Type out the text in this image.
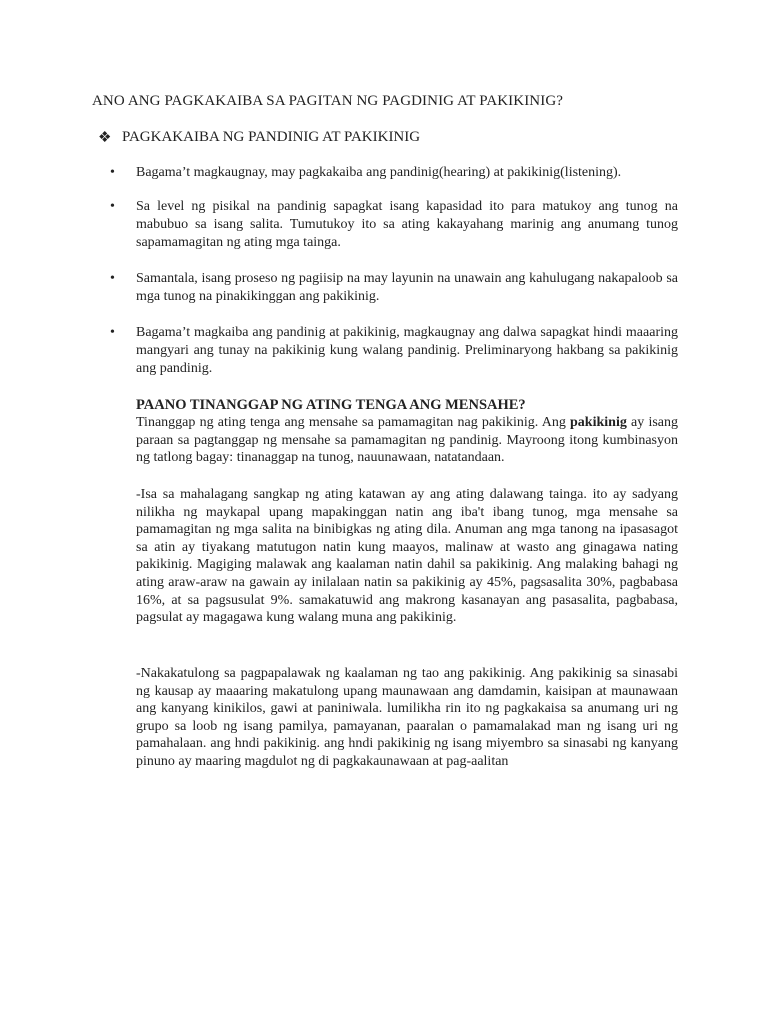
ANO ANG PAGKAKAIBA SA PAGITAN NG PAGDINIG AT PAKIKINIG?
❖ PAGKAKAIBA NG PANDINIG AT PAKIKINIG
•	Bagama’t magkaugnay, may pagkakaiba ang pandinig(hearing) at pakikinig(listening).
•	Sa level ng pisikal na pandinig sapagkat isang kapasidad ito para matukoy ang tunog na mabubuo sa isang salita. Tumutukoy ito sa ating kakayahang marinig ang anumang tunog sapamamagitan ng ating mga tainga.
•	Samantala, isang proseso ng pagiisip na may layunin na unawain ang kahulugang nakapaloob sa mga tunog na pinakikinggan ang pakikinig.
•	Bagama’t magkaiba ang pandinig at pakikinig, magkaugnay ang dalwa sapagkat hindi maaaring mangyari ang tunay na pakikinig kung walang pandinig. Preliminaryong hakbang sa pakikinig ang pandinig.
PAANO TINANGGAP NG ATING TENGA ANG MENSAHE?
Tinanggap ng ating tenga ang mensahe sa pamamagitan nag pakikinig. Ang pakikinig ay isang paraan sa pagtanggap ng mensahe sa pamamagitan ng pandinig. Mayroong itong kumbinasyon ng tatlong bagay: tinanaggap na tunog, nauunawaan, natatandaan.
-Isa sa mahalagang sangkap ng ating katawan ay ang ating dalawang tainga. ito ay sadyang nilikha ng maykapal upang mapakinggan natin ang iba't ibang tunog, mga mensahe sa pamamagitan ng mga salita na binibigkas ng ating dila. Anuman ang mga tanong na ipasasagot sa atin ay tiyakang matutugon natin kung maayos, malinaw at wasto ang ginagawa nating pakikinig. Magiging malawak ang kaalaman natin dahil sa pakikinig. Ang malaking bahagi ng ating araw-araw na gawain ay inilalaan natin sa pakikinig ay 45%, pagsasalita 30%, pagbabasa 16%, at sa pagsusulat 9%. samakatuwid ang makrong kasanayan ang pasasalita, pagbabasa, pagsulat ay magagawa kung walang muna ang pakikinig.
-Nakakatulong sa pagpapalawak ng kaalaman ng tao ang pakikinig. Ang pakikinig sa sinasabi ng kausap ay maaaring makatulong upang maunawaan ang damdamin, kaisipan at maunawaan ang kanyang kinikilos, gawi at paniniwala. lumilikha rin ito ng pagkakaisa sa anumang uri ng grupo sa loob ng isang pamilya, pamayanan, paaralan o pamamalakad man ng isang uri ng pamahalaan. ang hndi pakikinig. ang hndi pakikinig ng isang miyembro sa sinasabi ng kanyang pinuno ay maaring magdulot ng di pagkakaunawaan at pag-aalitan
